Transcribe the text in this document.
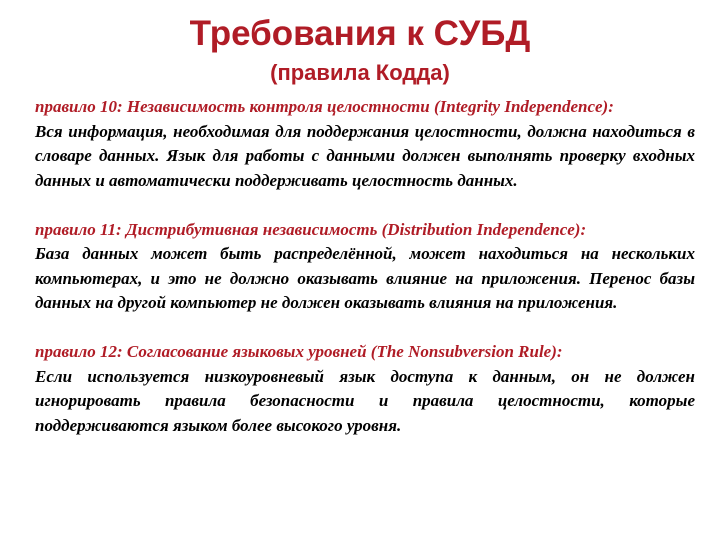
Требования к СУБД
(правила Кодда)

правило 10: Независимость контроля целостности (Integrity Independence):

Вся информация, необходимая для поддержания целостности, должна находиться в словаре данных. Язык для работы с данными должен выполнять проверку входных данных и автоматически поддерживать целостность данных.

правило 11: Дистрибутивная независимость (Distribution Independence):

База данных может быть распределённой, может находиться на нескольких компьютерах, и это не должно оказывать влияние на приложения. Перенос базы данных на другой компьютер не должен оказывать влияния на приложения.

правило 12: Согласование языковых уровней (The Nonsubversion Rule):

Если используется низкоуровневый язык доступа к данным, он не должен игнорировать правила безопасности и правила целостности, которые поддерживаются языком более высокого уровня.
